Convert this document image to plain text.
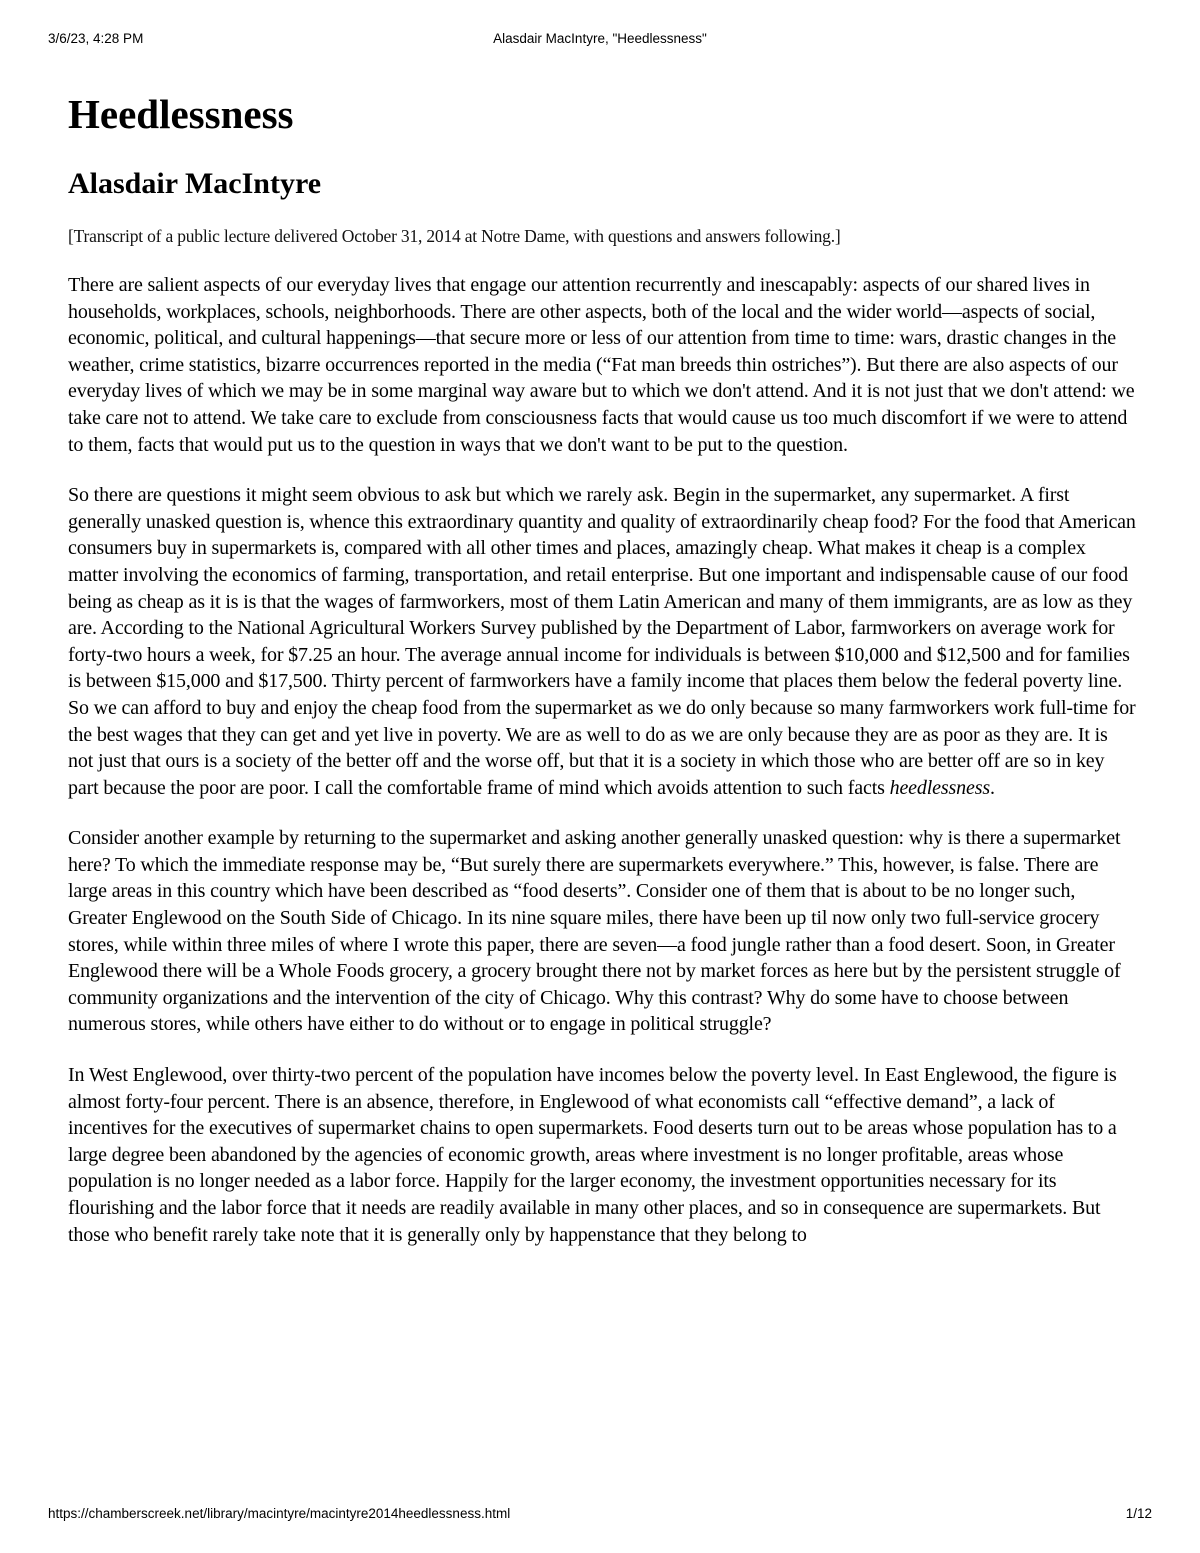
3/6/23, 4:28 PM	Alasdair MacIntyre, "Heedlessness"
Heedlessness
Alasdair MacIntyre

[Transcript of a public lecture delivered October 31, 2014 at Notre Dame, with questions and answers following.]

There are salient aspects of our everyday lives that engage our attention recurrently and inescapably: aspects of our shared lives in households, workplaces, schools, neighborhoods. There are other aspects, both of the local and the wider world—aspects of social, economic, political, and cultural happenings—that secure more or less of our attention from time to time: wars, drastic changes in the weather, crime statistics, bizarre occurrences reported in the media (“Fat man breeds thin ostriches”). But there are also aspects of our everyday lives of which we may be in some marginal way aware but to which we don't attend. And it is not just that we don't attend: we take care not to attend. We take care to exclude from consciousness facts that would cause us too much discomfort if we were to attend to them, facts that would put us to the question in ways that we don't want to be put to the question.

So there are questions it might seem obvious to ask but which we rarely ask. Begin in the supermarket, any supermarket. A first generally unasked question is, whence this extraordinary quantity and quality of extraordinarily cheap food? For the food that American consumers buy in supermarkets is, compared with all other times and places, amazingly cheap. What makes it cheap is a complex matter involving the economics of farming, transportation, and retail enterprise. But one important and indispensable cause of our food being as cheap as it is is that the wages of farmworkers, most of them Latin American and many of them immigrants, are as low as they are. According to the National Agricultural Workers Survey published by the Department of Labor, farmworkers on average work for forty-two hours a week, for $7.25 an hour. The average annual income for individuals is between $10,000 and $12,500 and for families is between $15,000 and $17,500. Thirty percent of farmworkers have a family income that places them below the federal poverty line. So we can afford to buy and enjoy the cheap food from the supermarket as we do only because so many farmworkers work full-time for the best wages that they can get and yet live in poverty. We are as well to do as we are only because they are as poor as they are. It is not just that ours is a society of the better off and the worse off, but that it is a society in which those who are better off are so in key part because the poor are poor. I call the comfortable frame of mind which avoids attention to such facts heedlessness.

Consider another example by returning to the supermarket and asking another generally unasked question: why is there a supermarket here? To which the immediate response may be, “But surely there are supermarkets everywhere.” This, however, is false. There are large areas in this country which have been described as “food deserts”. Consider one of them that is about to be no longer such, Greater Englewood on the South Side of Chicago. In its nine square miles, there have been up til now only two full-service grocery stores, while within three miles of where I wrote this paper, there are seven—a food jungle rather than a food desert. Soon, in Greater Englewood there will be a Whole Foods grocery, a grocery brought there not by market forces as here but by the persistent struggle of community organizations and the intervention of the city of Chicago. Why this contrast? Why do some have to choose between numerous stores, while others have either to do without or to engage in political struggle?

In West Englewood, over thirty-two percent of the population have incomes below the poverty level. In East Englewood, the figure is almost forty-four percent. There is an absence, therefore, in Englewood of what economists call “effective demand”, a lack of incentives for the executives of supermarket chains to open supermarkets. Food deserts turn out to be areas whose population has to a large degree been abandoned by the agencies of economic growth, areas where investment is no longer profitable, areas whose population is no longer needed as a labor force. Happily for the larger economy, the investment opportunities necessary for its flourishing and the labor force that it needs are readily available in many other places, and so in consequence are supermarkets. But those who benefit rarely take note that it is generally only by happenstance that they belong to

https://chamberscreek.net/library/macintyre/macintyre2014heedlessness.html	1/12
